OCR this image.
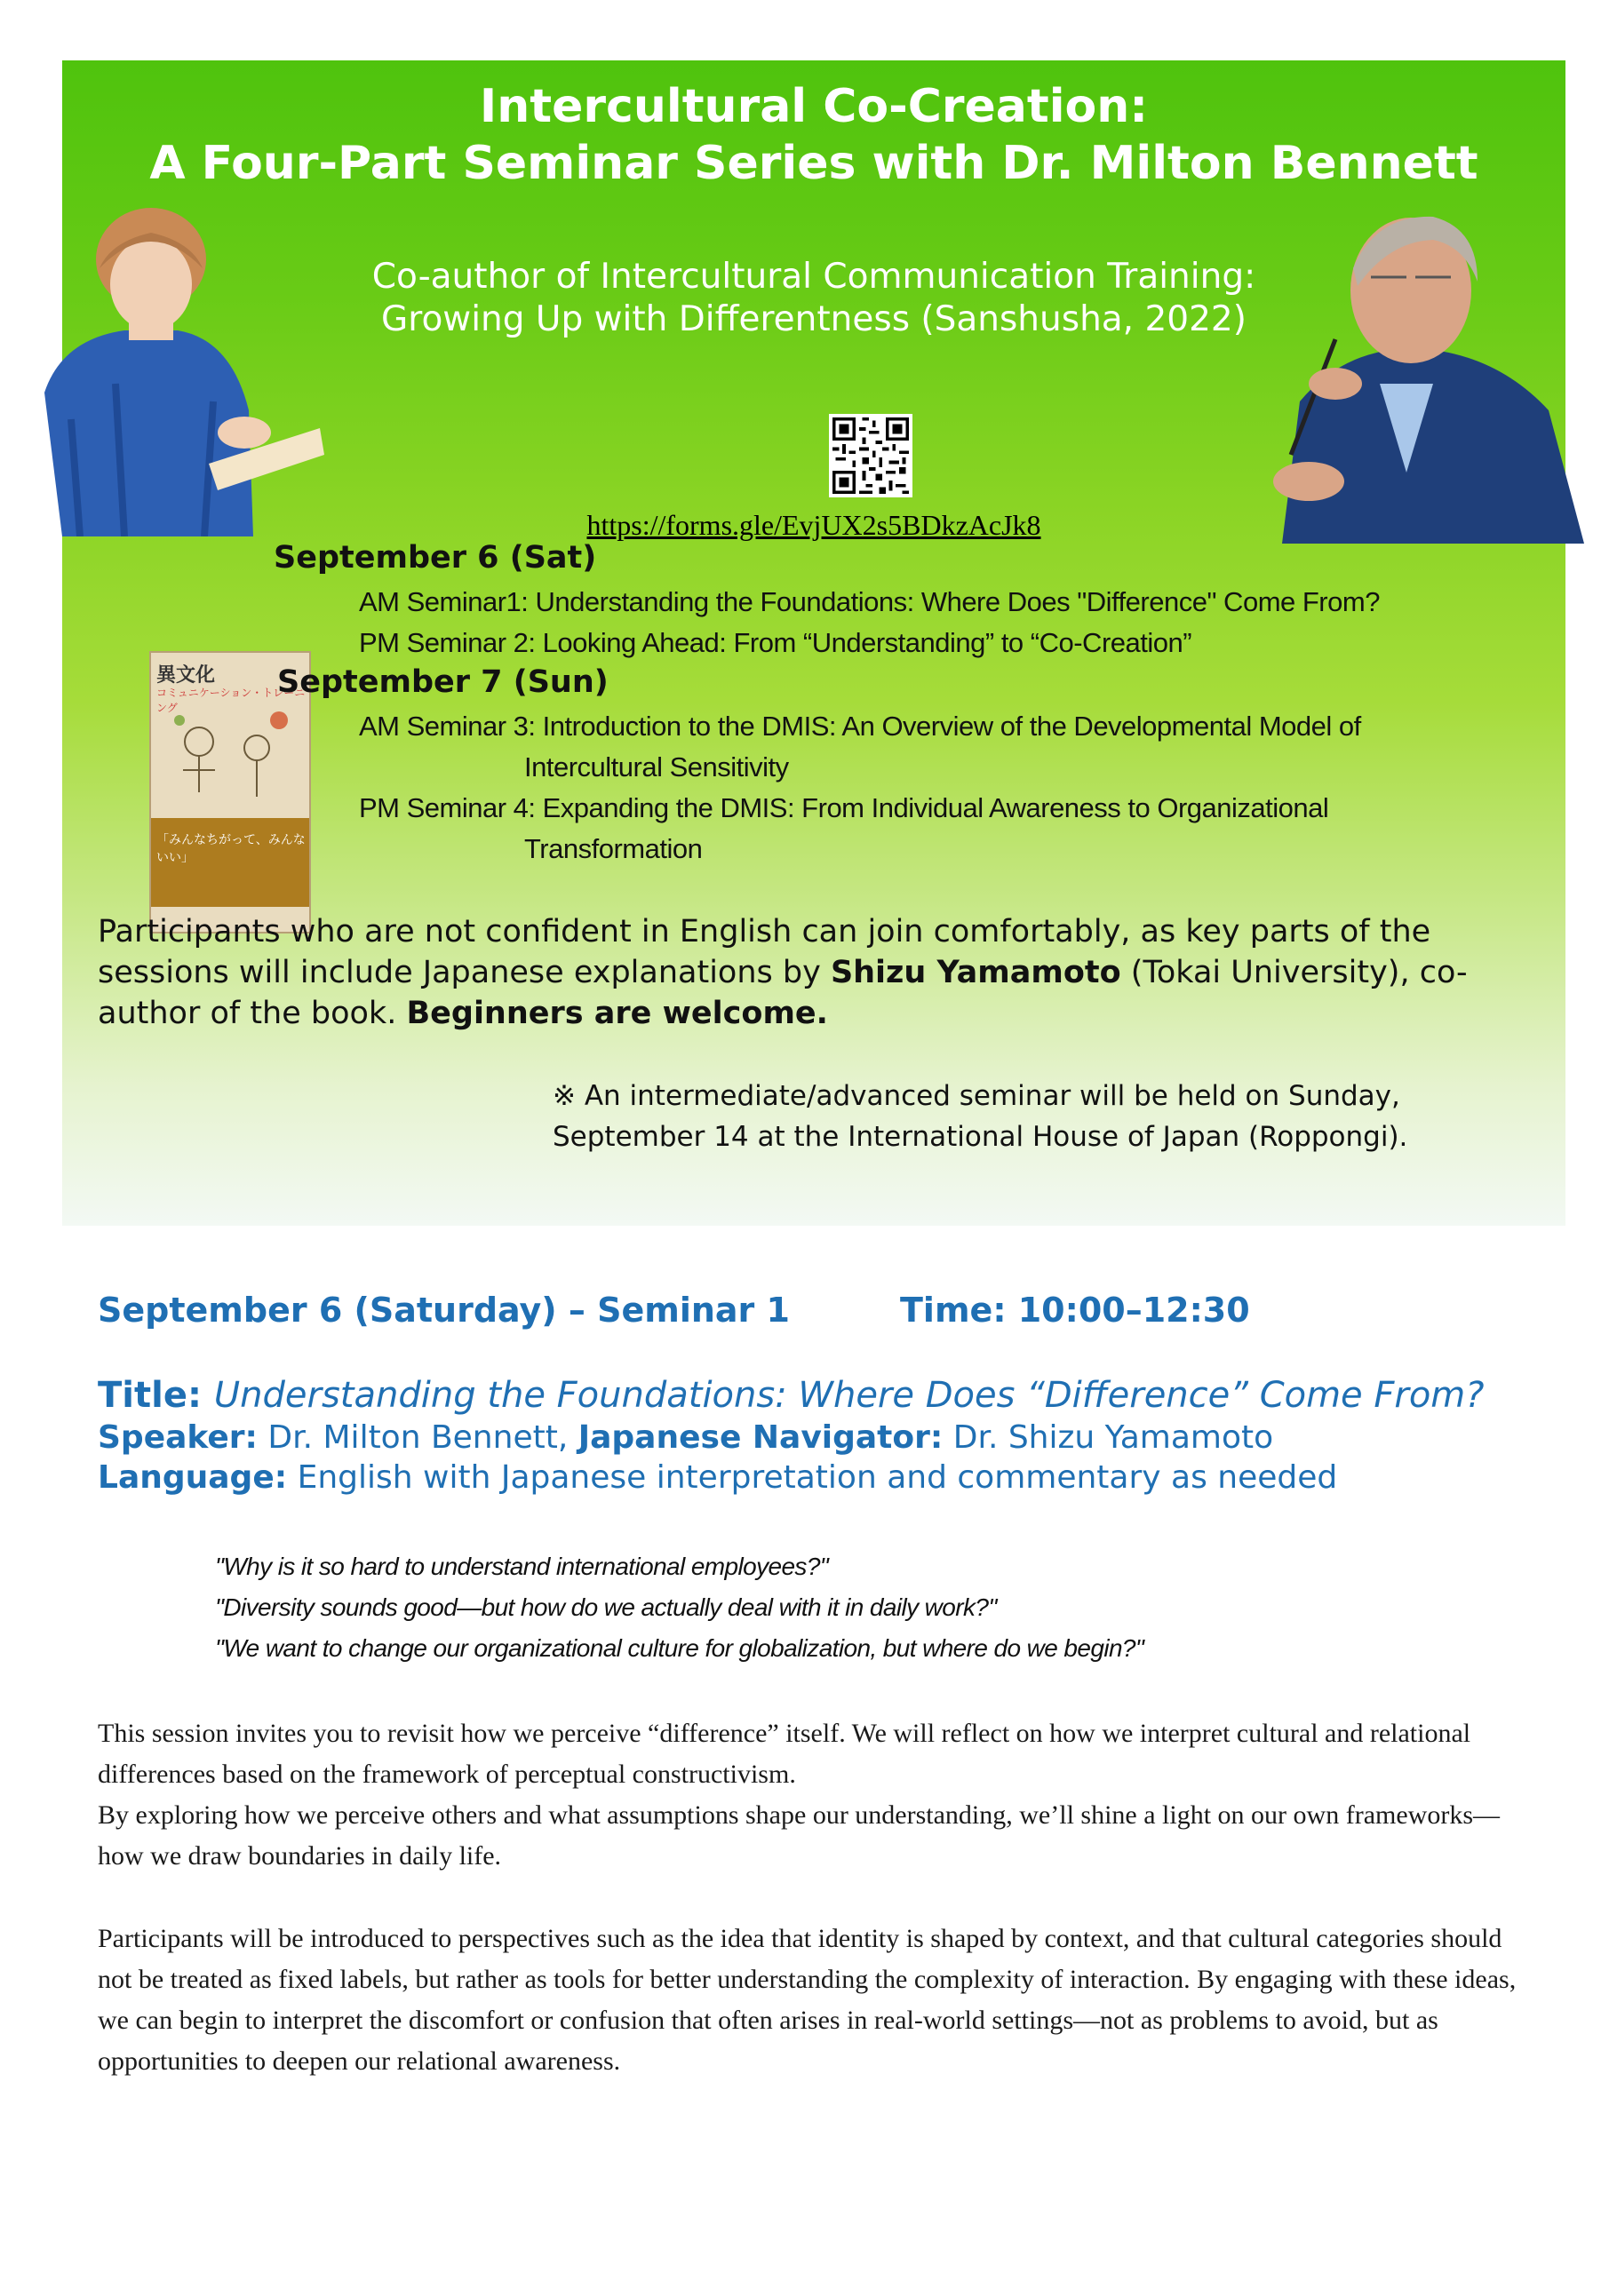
Intercultural Co-Creation:
A Four-Part Seminar Series with Dr. Milton Bennett
Co-author of Intercultural Communication Training:
Growing Up with Differentness (Sanshusha, 2022)
https://forms.gle/EvjUX2s5BDkzAcJk8
異文化
コミュニケーション・トレーニング
「みんなちがって、みんないい」
September 6 (Sat)
AM Seminar1: Understanding the Foundations: Where Does "Difference" Come From?
PM Seminar 2: Looking Ahead: From “Understanding” to “Co-Creation”
September 7 (Sun)
AM Seminar 3: Introduction to the DMIS: An Overview of the Developmental Model of
Intercultural Sensitivity
PM Seminar 4: Expanding the DMIS: From Individual Awareness to Organizational
Transformation
Participants who are not confident in English can join comfortably, as key parts of the sessions will include Japanese explanations by Shizu Yamamoto (Tokai University), co-author of the book. Beginners are welcome.
※ An intermediate/advanced seminar will be held on Sunday,
September 14 at the International House of Japan (Roppongi).
September 6 (Saturday) – Seminar 1	Time: 10:00–12:30
Title: Understanding the Foundations: Where Does “Difference” Come From?
Speaker: Dr. Milton Bennett, Japanese Navigator: Dr. Shizu Yamamoto
Language: English with Japanese interpretation and commentary as needed
"Why is it so hard to understand international employees?"
"Diversity sounds good—but how do we actually deal with it in daily work?"
"We want to change our organizational culture for globalization, but where do we begin?"

This session invites you to revisit how we perceive “difference” itself. We will reflect on how we interpret cultural and relational differences based on the framework of perceptual constructivism.

By exploring how we perceive others and what assumptions shape our understanding, we’ll shine a light on our own frameworks—how we draw boundaries in daily life.

Participants will be introduced to perspectives such as the idea that identity is shaped by context, and that cultural categories should not be treated as fixed labels, but rather as tools for better understanding the complexity of interaction. By engaging with these ideas, we can begin to interpret the discomfort or confusion that often arises in real-world settings—not as problems to avoid, but as opportunities to deepen our relational awareness.
